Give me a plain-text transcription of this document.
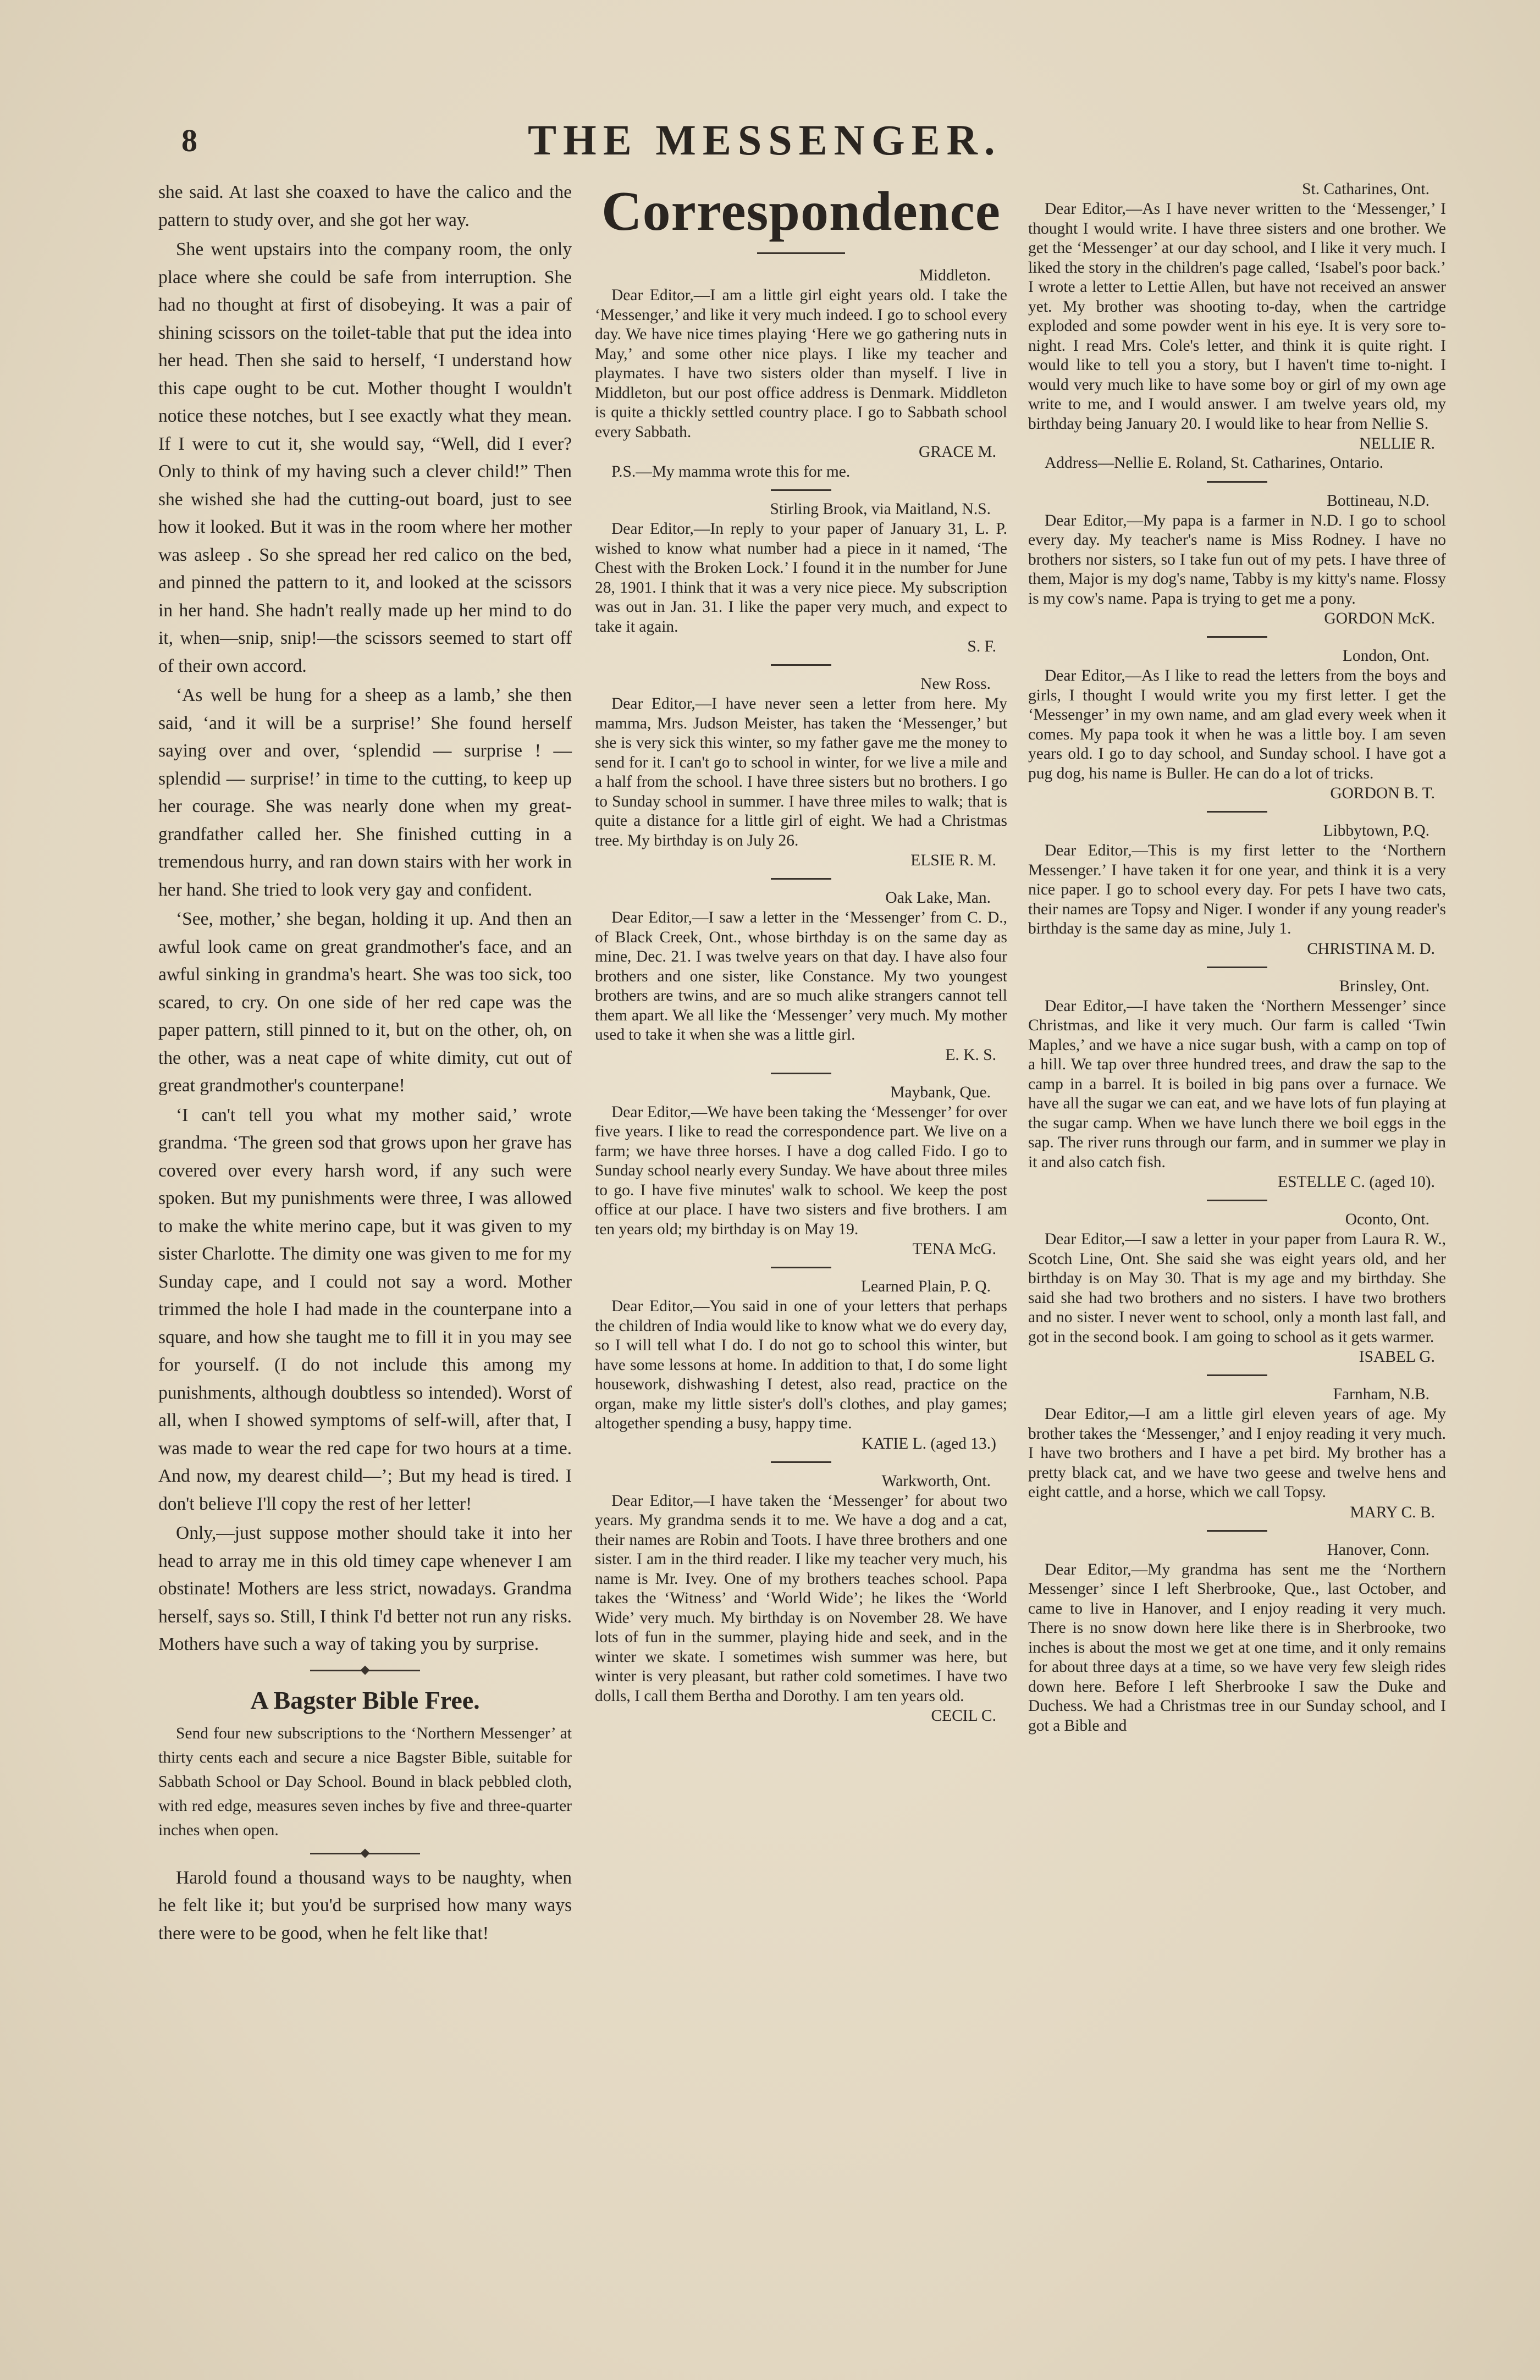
8	THE MESSENGER.

she said. At last she coaxed to have the calico and the pattern to study over, and she got her way.

She went upstairs into the company room, the only place where she could be safe from interruption. She had no thought at first of disobeying. It was a pair of shining scissors on the toilet-table that put the idea into her head. Then she said to herself, ‘I understand how this cape ought to be cut. Mother thought I wouldn't notice these notches, but I see exactly what they mean. If I were to cut it, she would say, “Well, did I ever? Only to think of my having such a clever child!” Then she wished she had the cutting-out board, just to see how it looked. But it was in the room where her mother was asleep . So she spread her red calico on the bed, and pinned the pattern to it, and looked at the scissors in her hand. She hadn't really made up her mind to do it, when—snip, snip!—the scissors seemed to start off of their own accord.

‘As well be hung for a sheep as a lamb,’ she then said, ‘and it will be a surprise!’ She found herself saying over and over, ‘splendid — surprise ! — splendid — surprise!’ in time to the cutting, to keep up her courage. She was nearly done when my great-grandfather called her. She finished cutting in a tremendous hurry, and ran down stairs with her work in her hand. She tried to look very gay and confident.

‘See, mother,’ she began, holding it up. And then an awful look came on great grandmother's face, and an awful sinking in grandma's heart. She was too sick, too scared, to cry. On one side of her red cape was the paper pattern, still pinned to it, but on the other, oh, on the other, was a neat cape of white dimity, cut out of great grandmother's counterpane!

‘I can't tell you what my mother said,’ wrote grandma. ‘The green sod that grows upon her grave has covered over every harsh word, if any such were spoken. But my punishments were three, I was allowed to make the white merino cape, but it was given to my sister Charlotte. The dimity one was given to me for my Sunday cape, and I could not say a word. Mother trimmed the hole I had made in the counterpane into a square, and how she taught me to fill it in you may see for yourself. (I do not include this among my punishments, although doubtless so intended). Worst of all, when I showed symptoms of self-will, after that, I was made to wear the red cape for two hours at a time. And now, my dearest child—’; But my head is tired. I don't believe I'll copy the rest of her letter!

Only,—just suppose mother should take it into her head to array me in this old timey cape whenever I am obstinate! Mothers are less strict, nowadays. Grandma herself, says so. Still, I think I'd better not run any risks. Mothers have such a way of taking you by surprise.

A Bagster Bible Free.

Send four new subscriptions to the ‘Northern Messenger’ at thirty cents each and secure a nice Bagster Bible, suitable for Sabbath School or Day School. Bound in black pebbled cloth, with red edge, measures seven inches by five and three-quarter inches when open.

Harold found a thousand ways to be naughty, when he felt like it; but you'd be surprised how many ways there were to be good, when he felt like that!

Correspondence
Middleton.

Dear Editor,—I am a little girl eight years old. I take the ‘Messenger,’ and like it very much indeed. I go to school every day. We have nice times playing ‘Here we go gathering nuts in May,’ and some other nice plays. I like my teacher and playmates. I have two sisters older than myself. I live in Middleton, but our post office address is Denmark. Middleton is quite a thickly settled country place. I go to Sabbath school every Sabbath.

GRACE M.

P.S.—My mamma wrote this for me.

Stirling Brook, via Maitland, N.S.

Dear Editor,—In reply to your paper of January 31, L. P. wished to know what number had a piece in it named, ‘The Chest with the Broken Lock.’ I found it in the number for June 28, 1901. I think that it was a very nice piece. My subscription was out in Jan. 31. I like the paper very much, and expect to take it again.

S. F.
New Ross.

Dear Editor,—I have never seen a letter from here. My mamma, Mrs. Judson Meister, has taken the ‘Messenger,’ but she is very sick this winter, so my father gave me the money to send for it. I can't go to school in winter, for we live a mile and a half from the school. I have three sisters but no brothers. I go to Sunday school in summer. I have three miles to walk; that is quite a distance for a little girl of eight. We had a Christmas tree. My birthday is on July 26.

ELSIE R. M.
Oak Lake, Man.

Dear Editor,—I saw a letter in the ‘Messenger’ from C. D., of Black Creek, Ont., whose birthday is on the same day as mine, Dec. 21. I was twelve years on that day. I have also four brothers and one sister, like Constance. My two youngest brothers are twins, and are so much alike strangers cannot tell them apart. We all like the ‘Messenger’ very much. My mother used to take it when she was a little girl.

E. K. S.
Maybank, Que.

Dear Editor,—We have been taking the ‘Messenger’ for over five years. I like to read the correspondence part. We live on a farm; we have three horses. I have a dog called Fido. I go to Sunday school nearly every Sunday. We have about three miles to go. I have five minutes' walk to school. We keep the post office at our place. I have two sisters and five brothers. I am ten years old; my birthday is on May 19.

TENA McG.
Learned Plain, P. Q.

Dear Editor,—You said in one of your letters that perhaps the children of India would like to know what we do every day, so I will tell what I do. I do not go to school this winter, but have some lessons at home. In addition to that, I do some light housework, dishwashing I detest, also read, practice on the organ, make my little sister's doll's clothes, and play games; altogether spending a busy, happy time.

KATIE L. (aged 13.)
Warkworth, Ont.

Dear Editor,—I have taken the ‘Messenger’ for about two years. My grandma sends it to me. We have a dog and a cat, their names are Robin and Toots. I have three brothers and one sister. I am in the third reader. I like my teacher very much, his name is Mr. Ivey. One of my brothers teaches school. Papa takes the ‘Witness’ and ‘World Wide’; he likes the ‘World Wide’ very much. My birthday is on November 28. We have lots of fun in the summer, playing hide and seek, and in the winter we skate. I sometimes wish summer was here, but winter is very pleasant, but rather cold sometimes. I have two dolls, I call them Bertha and Dorothy. I am ten years old.

CECIL C.
St. Catharines, Ont.

Dear Editor,—As I have never written to the ‘Messenger,’ I thought I would write. I have three sisters and one brother. We get the ‘Messenger’ at our day school, and I like it very much. I liked the story in the children's page called, ‘Isabel's poor back.’ I wrote a letter to Lettie Allen, but have not received an answer yet. My brother was shooting to-day, when the cartridge exploded and some powder went in his eye. It is very sore to-night. I read Mrs. Cole's letter, and think it is quite right. I would like to tell you a story, but I haven't time to-night. I would very much like to have some boy or girl of my own age write to me, and I would answer. I am twelve years old, my birthday being January 20. I would like to hear from Nellie S.

NELLIE R.

Address—Nellie E. Roland, St. Catharines, Ontario.

Bottineau, N.D.

Dear Editor,—My papa is a farmer in N.D. I go to school every day. My teacher's name is Miss Rodney. I have no brothers nor sisters, so I take fun out of my pets. I have three of them, Major is my dog's name, Tabby is my kitty's name. Flossy is my cow's name. Papa is trying to get me a pony.

GORDON McK.
London, Ont.

Dear Editor,—As I like to read the letters from the boys and girls, I thought I would write you my first letter. I get the ‘Messenger’ in my own name, and am glad every week when it comes. My papa took it when he was a little boy. I am seven years old. I go to day school, and Sunday school. I have got a pug dog, his name is Buller. He can do a lot of tricks.

GORDON B. T.
Libbytown, P.Q.

Dear Editor,—This is my first letter to the ‘Northern Messenger.’ I have taken it for one year, and think it is a very nice paper. I go to school every day. For pets I have two cats, their names are Topsy and Niger. I wonder if any young reader's birthday is the same day as mine, July 1.

CHRISTINA M. D.
Brinsley, Ont.

Dear Editor,—I have taken the ‘Northern Messenger’ since Christmas, and like it very much. Our farm is called ‘Twin Maples,’ and we have a nice sugar bush, with a camp on top of a hill. We tap over three hundred trees, and draw the sap to the camp in a barrel. It is boiled in big pans over a furnace. We have all the sugar we can eat, and we have lots of fun playing at the sugar camp. When we have lunch there we boil eggs in the sap. The river runs through our farm, and in summer we play in it and also catch fish.

ESTELLE C. (aged 10).
Oconto, Ont.

Dear Editor,—I saw a letter in your paper from Laura R. W., Scotch Line, Ont. She said she was eight years old, and her birthday is on May 30. That is my age and my birthday. She said she had two brothers and no sisters. I have two brothers and no sister. I never went to school, only a month last fall, and got in the second book. I am going to school as it gets warmer.

ISABEL G.
Farnham, N.B.

Dear Editor,—I am a little girl eleven years of age. My brother takes the ‘Messenger,’ and I enjoy reading it very much. I have two brothers and I have a pet bird. My brother has a pretty black cat, and we have two geese and twelve hens and eight cattle, and a horse, which we call Topsy.

MARY C. B.
Hanover, Conn.

Dear Editor,—My grandma has sent me the ‘Northern Messenger’ since I left Sherbrooke, Que., last October, and came to live in Hanover, and I enjoy reading it very much. There is no snow down here like there is in Sherbrooke, two inches is about the most we get at one time, and it only remains for about three days at a time, so we have very few sleigh rides down here. Before I left Sherbrooke I saw the Duke and Duchess. We had a Christmas tree in our Sunday school, and I got a Bible and
